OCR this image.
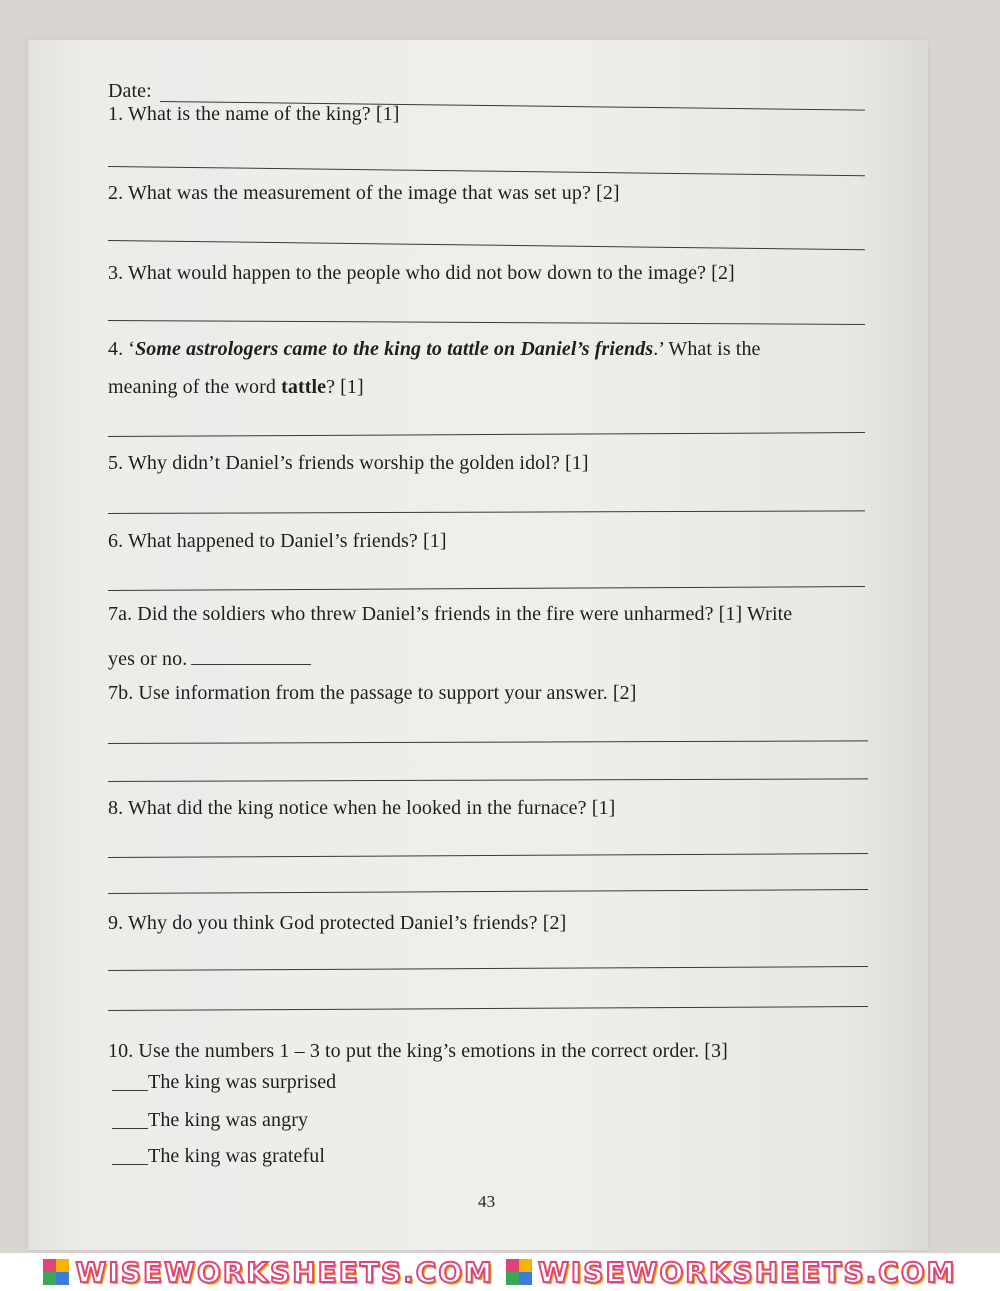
Date:
1. What is the name of the king? [1]
2. What was the measurement of the image that was set up? [2]
3. What would happen to the people who did not bow down to the image? [2]
4. ‘Some astrologers came to the king to tattle on Daniel’s friends.’ What is the
meaning of the word tattle? [1]
5. Why didn’t Daniel’s friends worship the golden idol? [1]
6. What happened to Daniel’s friends? [1]
7a. Did the soldiers who threw Daniel’s friends in the fire were unharmed? [1] Write
yes or no.
7b. Use information from the passage to support your answer. [2]
8. What did the king notice when he looked in the furnace? [1]
9. Why do you think God protected Daniel’s friends? [2]
10. Use the numbers 1 – 3 to put the king’s emotions in the correct order. [3]
The king was surprised
The king was angry
The king was grateful
43
WISEWORKSHEETS.COM WISEWORKSHEETS.COM
